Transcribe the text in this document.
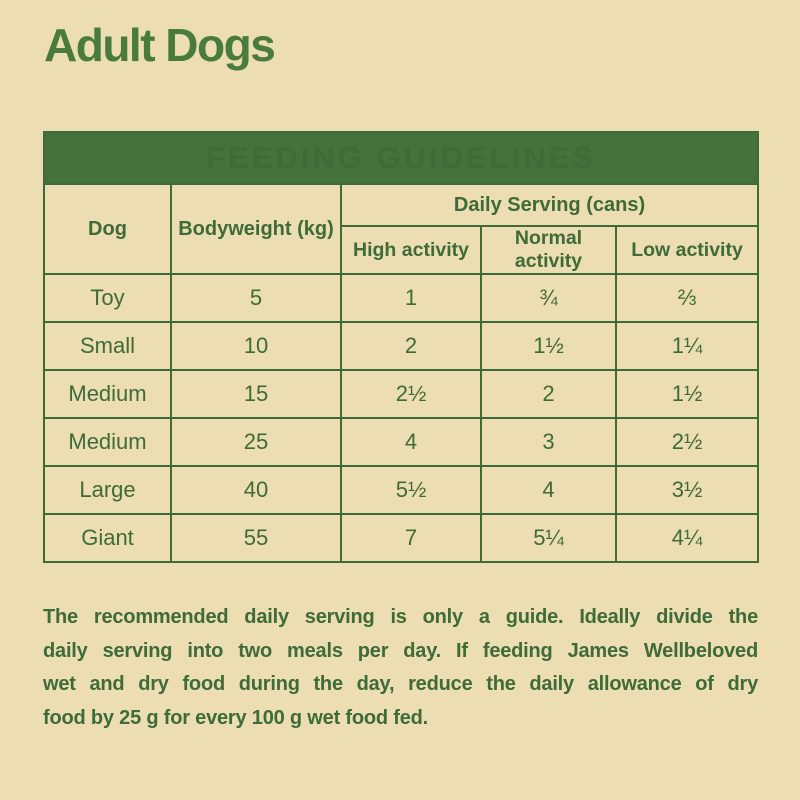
Adult Dogs
FEEDING GUIDELINES				
Dog	Bodyweight (kg)	Daily Serving (cans)		
		High activity	Normal activity	Low activity
Toy	5	1	¾	⅔
Small	10	2	1½	1¼
Medium	15	2½	2	1½
Medium	25	4	3	2½
Large	40	5½	4	3½
Giant	55	7	5¼	4¼
The recommended daily serving is only a guide. Ideally divide the
daily serving into two meals per day. If feeding James Wellbeloved
wet and dry food during the day, reduce the daily allowance of dry
food by 25 g for every 100 g wet food fed.
